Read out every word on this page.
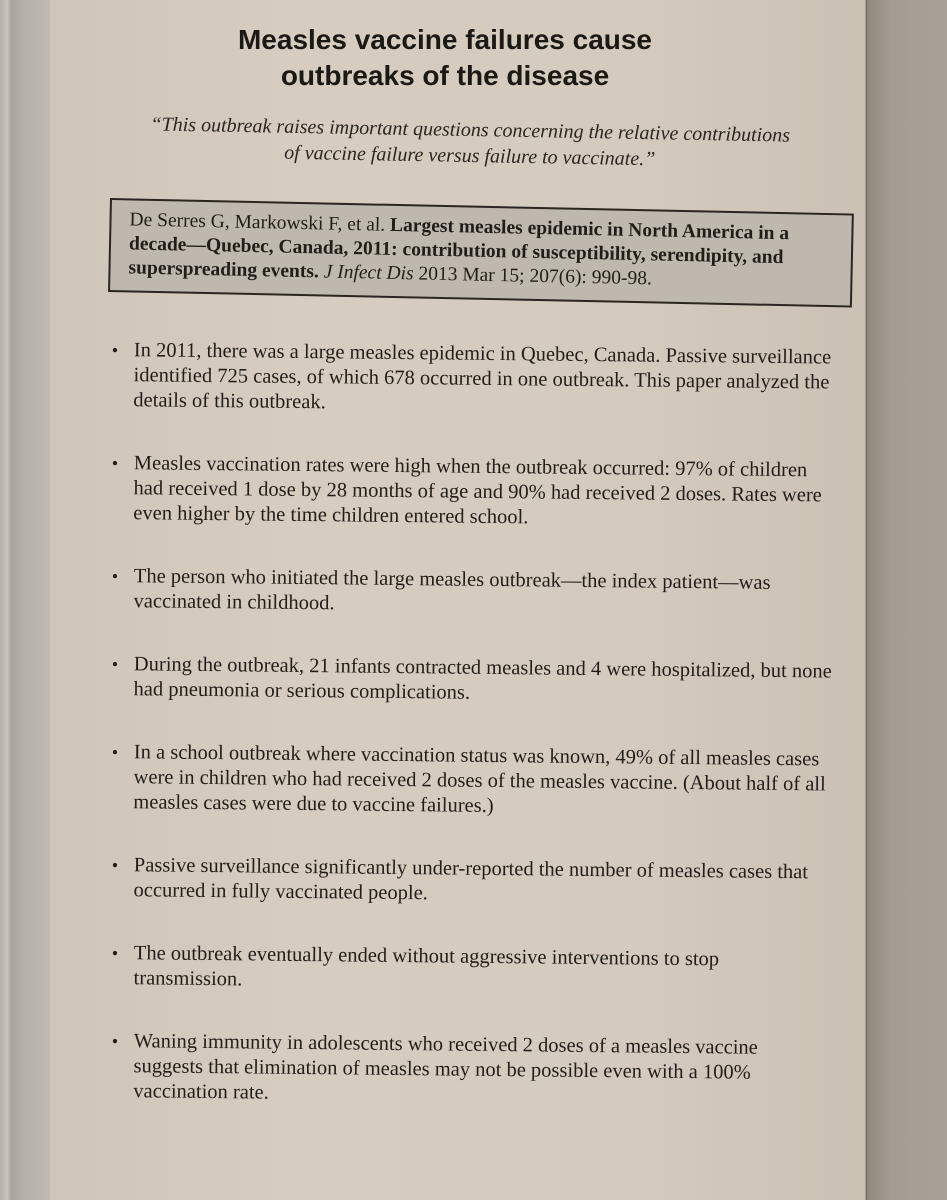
Measles vaccine failures cause
outbreaks of the disease
“This outbreak raises important questions concerning the relative contributions of vaccine failure versus failure to vaccinate.”
De Serres G, Markowski F, et al. Largest measles epidemic in North America in a decade—Quebec, Canada, 2011: contribution of susceptibility, serendipity, and superspreading events. J Infect Dis 2013 Mar 15; 207(6): 990-98.
• In 2011, there was a large measles epidemic in Quebec, Canada. Passive surveillance identified 725 cases, of which 678 occurred in one outbreak. This paper analyzed the details of this outbreak.
• Measles vaccination rates were high when the outbreak occurred: 97% of children had received 1 dose by 28 months of age and 90% had received 2 doses. Rates were even higher by the time children entered school.
• The person who initiated the large measles outbreak—the index patient—was vaccinated in childhood.
• During the outbreak, 21 infants contracted measles and 4 were hospitalized, but none had pneumonia or serious complications.
• In a school outbreak where vaccination status was known, 49% of all measles cases were in children who had received 2 doses of the measles vaccine. (About half of all measles cases were due to vaccine failures.)
• Passive surveillance significantly under-reported the number of measles cases that occurred in fully vaccinated people.
• The outbreak eventually ended without aggressive interventions to stop transmission.
• Waning immunity in adolescents who received 2 doses of a measles vaccine suggests that elimination of measles may not be possible even with a 100% vaccination rate.
